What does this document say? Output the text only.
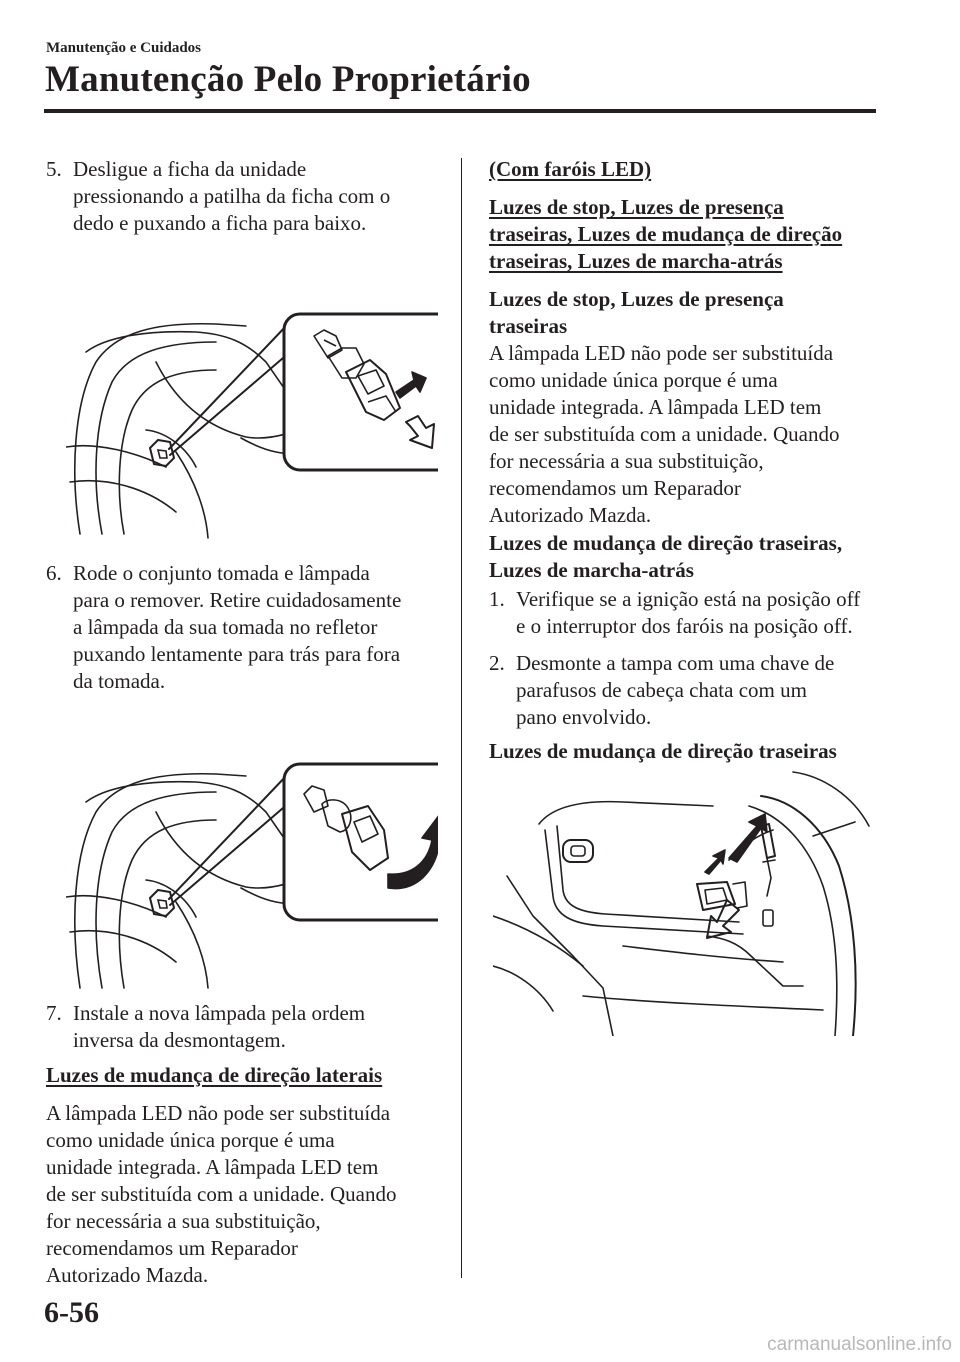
Manutenção e Cuidados
Manutenção Pelo Proprietário
5. Desligue a ficha da unidade
pressionando a patilha da ficha com o
dedo e puxando a ficha para baixo.
6. Rode o conjunto tomada e lâmpada
para o remover. Retire cuidadosamente
a lâmpada da sua tomada no refletor
puxando lentamente para trás para fora
da tomada.
7. Instale a nova lâmpada pela ordem
inversa da desmontagem.
Luzes de mudança de direção laterais
A lâmpada LED não pode ser substituída
como unidade única porque é uma
unidade integrada. A lâmpada LED tem
de ser substituída com a unidade. Quando
for necessária a sua substituição,
recomendamos um Reparador
Autorizado Mazda.
(Com faróis LED)
Luzes de stop, Luzes de presença
traseiras, Luzes de mudança de direção
traseiras, Luzes de marcha-atrás
Luzes de stop, Luzes de presença
traseiras
A lâmpada LED não pode ser substituída
como unidade única porque é uma
unidade integrada. A lâmpada LED tem
de ser substituída com a unidade. Quando
for necessária a sua substituição,
recomendamos um Reparador
Autorizado Mazda.
Luzes de mudança de direção traseiras,
Luzes de marcha-atrás
1. Verifique se a ignição está na posição off
e o interruptor dos faróis na posição off.
2. Desmonte a tampa com uma chave de
parafusos de cabeça chata com um
pano envolvido.
Luzes de mudança de direção traseiras
6-56
carmanualsonline.info
